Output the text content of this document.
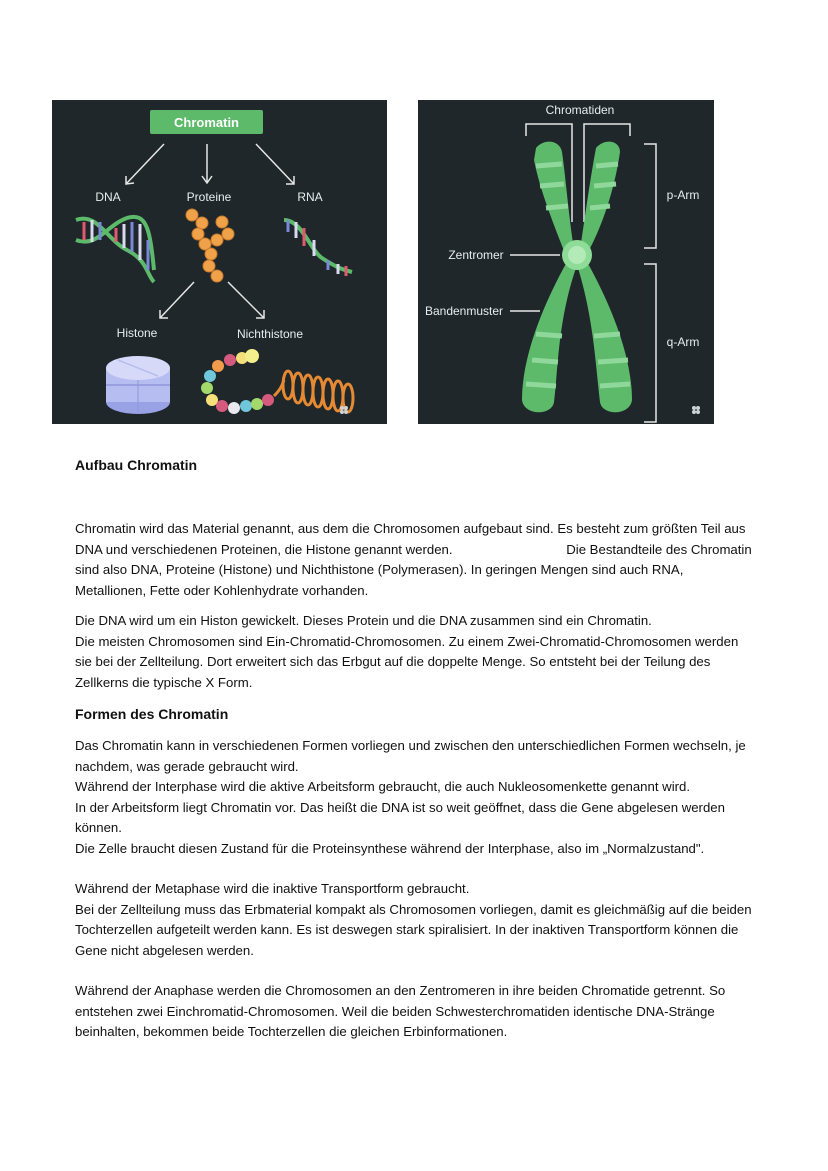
Chromatin
DNA	Proteine	RNA
Histone	Nichthistone
Chromatiden
p-Arm
q-Arm
Zentromer
Bandenmuster
Aufbau Chromatin

Chromatin wird das Material genannt, aus dem die Chromosomen aufgebaut sind. Es besteht zum größten Teil aus DNA und verschiedenen Proteinen, die Histone genannt werden.	Die Bestandteile des Chromatin sind also DNA, Proteine (Histone) und Nichthistone (Polymerasen). In geringen Mengen sind auch RNA, Metallionen, Fette oder Kohlenhydrate vorhanden.

Die DNA wird um ein Histon gewickelt. Dieses Protein und die DNA zusammen sind ein Chromatin.

Die meisten Chromosomen sind Ein-Chromatid-Chromosomen. Zu einem Zwei-Chromatid-Chromosomen werden sie bei der Zellteilung. Dort erweitert sich das Erbgut auf die doppelte Menge. So entsteht bei der Teilung des Zellkerns die typische X Form.

Formen des Chromatin

Das Chromatin kann in verschiedenen Formen vorliegen und zwischen den unterschiedlichen Formen wechseln, je nachdem, was gerade gebraucht wird.

Während der Interphase wird die aktive Arbeitsform gebraucht, die auch Nukleosomenkette genannt wird.

In der Arbeitsform liegt Chromatin vor. Das heißt die DNA ist so weit geöffnet, dass die Gene abgelesen werden können.

Die Zelle braucht diesen Zustand für die Proteinsynthese während der Interphase, also im „Normalzustand".

Während der Metaphase wird die inaktive Transportform gebraucht.

Bei der Zellteilung muss das Erbmaterial kompakt als Chromosomen vorliegen, damit es gleichmäßig auf die beiden Tochterzellen aufgeteilt werden kann. Es ist deswegen stark spiralisiert. In der inaktiven Transportform können die Gene nicht abgelesen werden.

Während der Anaphase werden die Chromosomen an den Zentromeren in ihre beiden Chromatide getrennt. So entstehen zwei Einchromatid-Chromosomen. Weil die beiden Schwesterchromatiden identische DNA-Stränge beinhalten, bekommen beide Tochterzellen die gleichen Erbinformationen.
